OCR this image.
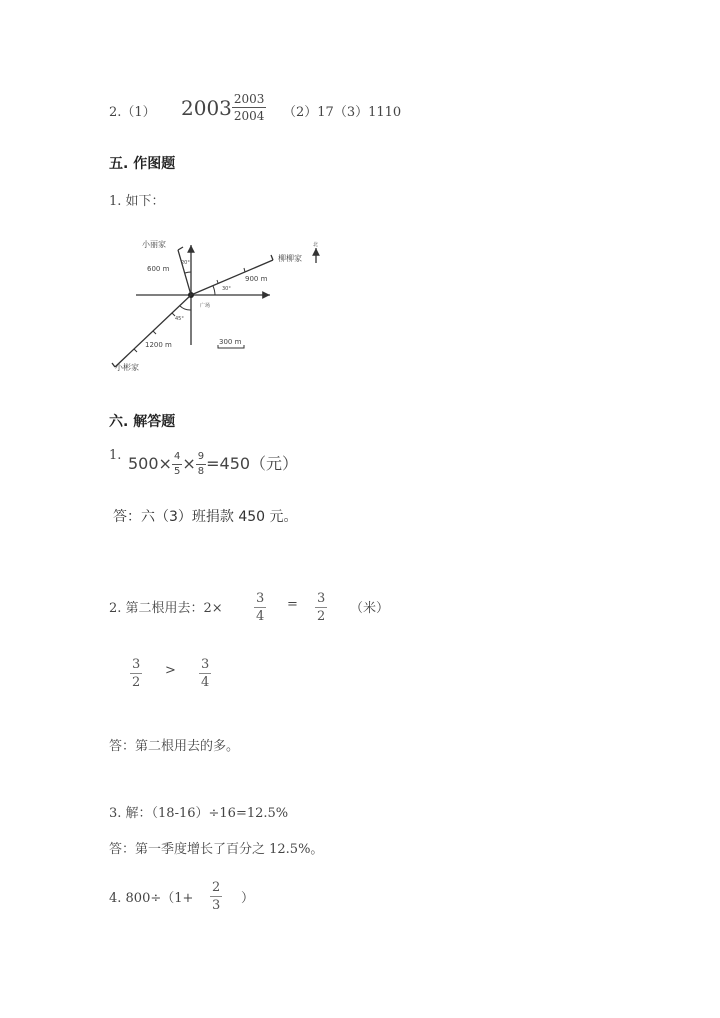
2.（1） $2003 \frac{2003}{2004} (2)17(3)1110$
五. 作图题
1. 如下：
小丽家
600 m
20°	柳柳家
900 m
30°
广场
45°
1200 m	300 m
小彬家
北
六. 解答题
1. $500\times \frac{4}{5} \times \frac{9}{8} =450$（元）
答：六（3）班捐款 450 元。
2. 第二根用去：$2\times \frac{3}{4} = \frac{3}{2}$ （米）
$\frac{3}{2} > \frac{3}{4}$
答：第二根用去的多。
3. 解：（18-16）÷16=12.5%
答：第一季度增长了百分之 12.5%。
4. $800\div(1+ \frac{2}{3}$ ）
